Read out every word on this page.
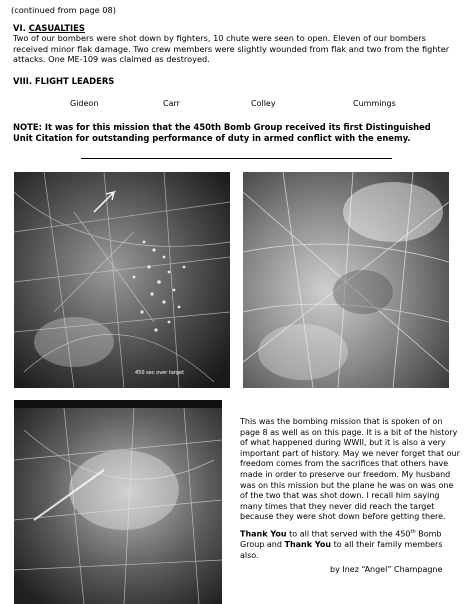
(continued from page 08)
VI. CASUALTIES
Two of our bombers were shot down by fighters, 10 chute were seen to open. Eleven of our bombers received minor flak damage. Two crew members were slightly wounded from flak and two from the fighter attacks. One ME-109 was claimed as destroyed.
VIII. FLIGHT LEADERS
Gideon	Carr	Colley	Cummings
NOTE: It was for this mission that the 450th Bomb Group received its first Distinguished Unit Citation for outstanding performance of duty in armed conflict with the enemy.
450 sec over target

This was the bombing mission that is spoken of on page 8 as well as on this page. It is a bit of the history of what happened during WWII, but it is also a very important part of history. May we never forget that our freedom comes from the sacrifices that others have made in order to preserve our freedom. My husband was on this mission but the plane he was on was one of the two that was shot down. I recall him saying many times that they never did reach the target because they were shot down before getting there.

Thank You to all that served with the 450th Bomb Group and Thank You to all their family members also.

by Inez “Angel” Champagne
